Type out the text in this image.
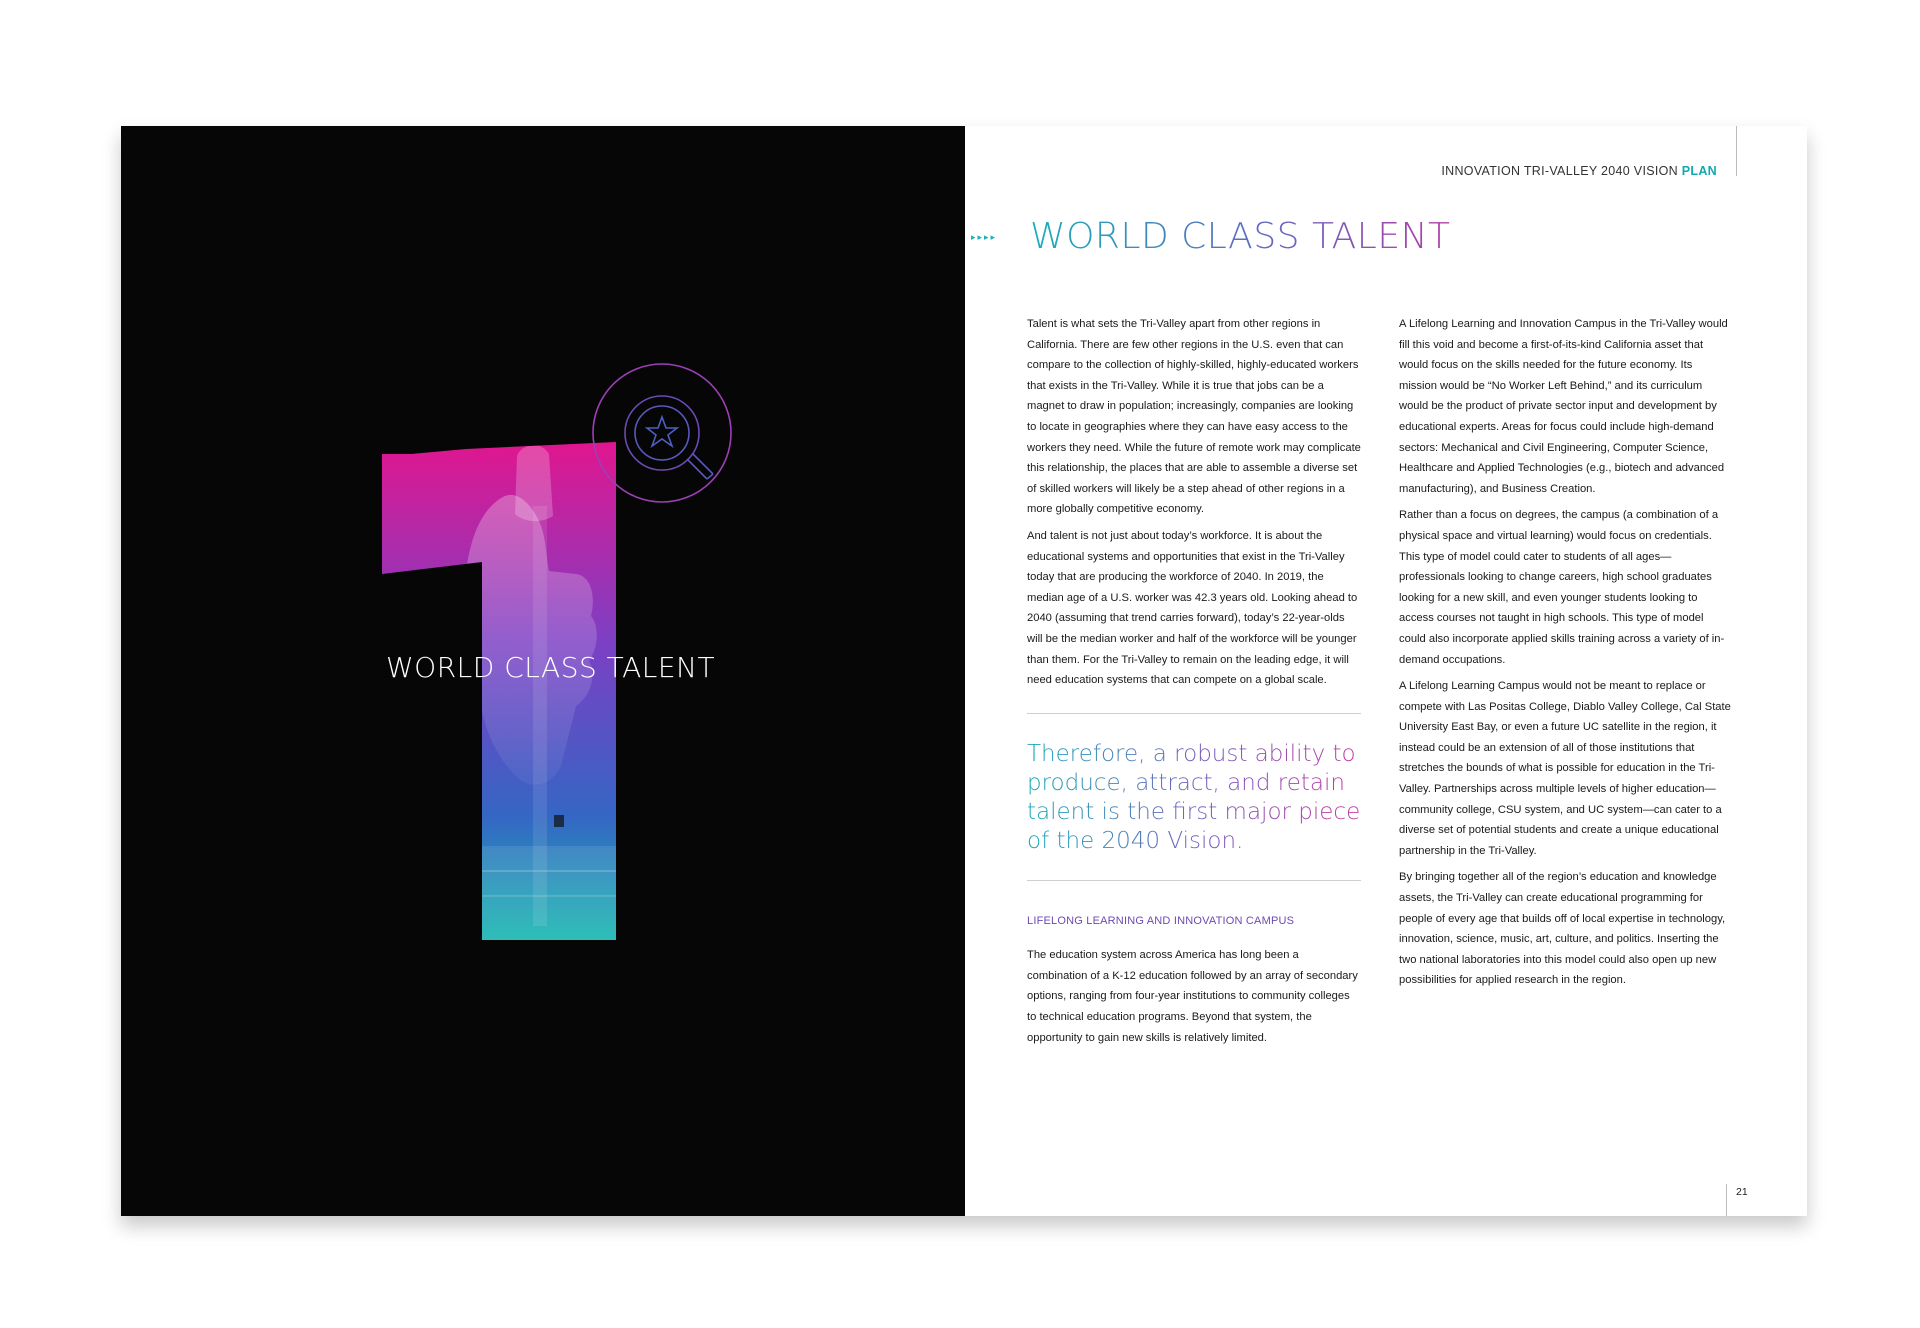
WORLD CLASS TALENT
INNOVATION TRI-VALLEY 2040 VISION PLAN
▸▸▸▸ WORLD CLASS TALENT

Talent is what sets the Tri-Valley apart from other regions in California. There are few other regions in the U.S. even that can compare to the collection of highly-skilled, highly-educated workers that exists in the Tri-Valley. While it is true that jobs can be a magnet to draw in population; increasingly, companies are looking to locate in geographies where they can have easy access to the workers they need. While the future of remote work may complicate this relationship, the places that are able to assemble a diverse set of skilled workers will likely be a step ahead of other regions in a more globally competitive economy.

And talent is not just about today’s workforce. It is about the educational systems and opportunities that exist in the Tri-Valley today that are producing the workforce of 2040. In 2019, the median age of a U.S. worker was 42.3 years old. Looking ahead to 2040 (assuming that trend carries forward), today’s 22-year-olds will be the median worker and half of the workforce will be younger than them. For the Tri-Valley to remain on the leading edge, it will need education systems that can compete on a global scale.

Therefore, a robust ability to produce, attract, and retain talent is the first major piece of the 2040 Vision.
LIFELONG LEARNING AND INNOVATION CAMPUS

The education system across America has long been a combination of a K-12 education followed by an array of secondary options, ranging from four-year institutions to community colleges to technical education programs. Beyond that system, the opportunity to gain new skills is relatively limited.

A Lifelong Learning and Innovation Campus in the Tri-Valley would fill this void and become a first-of-its-kind California asset that would focus on the skills needed for the future economy. Its mission would be “No Worker Left Behind,” and its curriculum would be the product of private sector input and development by educational experts. Areas for focus could include high-demand sectors: Mechanical and Civil Engineering, Computer Science, Healthcare and Applied Technologies (e.g., biotech and advanced manufacturing), and Business Creation.

Rather than a focus on degrees, the campus (a combination of a physical space and virtual learning) would focus on credentials. This type of model could cater to students of all ages—professionals looking to change careers, high school graduates looking for a new skill, and even younger students looking to access courses not taught in high schools. This type of model could also incorporate applied skills training across a variety of in-demand occupations.

A Lifelong Learning Campus would not be meant to replace or compete with Las Positas College, Diablo Valley College, Cal State University East Bay, or even a future UC satellite in the region, it instead could be an extension of all of those institutions that stretches the bounds of what is possible for education in the Tri-Valley. Partnerships across multiple levels of higher education—community college, CSU system, and UC system—can cater to a diverse set of potential students and create a unique educational partnership in the Tri-Valley.

By bringing together all of the region’s education and knowledge assets, the Tri-Valley can create educational programming for people of every age that builds off of local expertise in technology, innovation, science, music, art, culture, and politics. Inserting the two national laboratories into this model could also open up new possibilities for applied research in the region.

21
